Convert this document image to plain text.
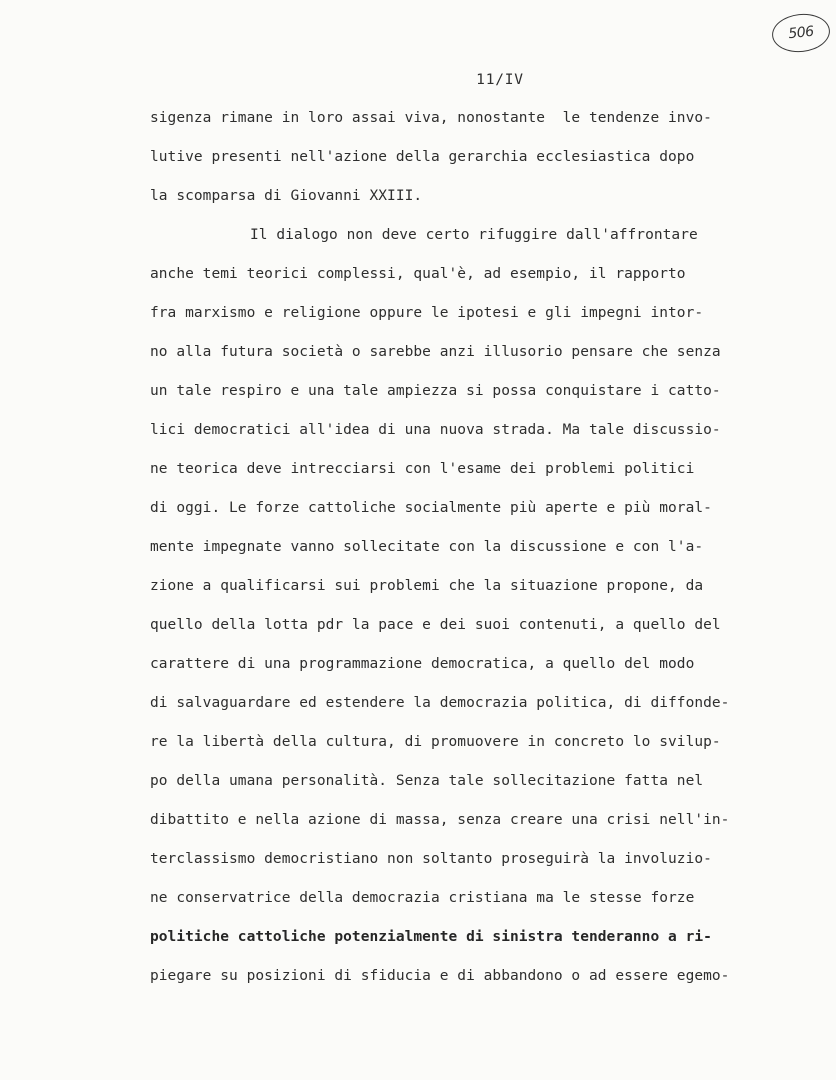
506
11/IV
sigenza rimane in loro assai viva, nonostante  le tendenze invo-
lutive presenti nell'azione della gerarchia ecclesiastica dopo
la scomparsa di Giovanni XXIII.
Il dialogo non deve certo rifuggire dall'affrontare
anche temi teorici complessi, qual'è, ad esempio, il rapporto
fra marxismo e religione oppure le ipotesi e gli impegni intor-
no alla futura società o sarebbe anzi illusorio pensare che senza
un tale respiro e una tale ampiezza si possa conquistare i catto-
lici democratici all'idea di una nuova strada. Ma tale discussio-
ne teorica deve intrecciarsi con l'esame dei problemi politici
di oggi. Le forze cattoliche socialmente più aperte e più moral-
mente impegnate vanno sollecitate con la discussione e con l'a-
zione a qualificarsi sui problemi che la situazione propone, da
quello della lotta pdr la pace e dei suoi contenuti, a quello del
carattere di una programmazione democratica, a quello del modo
di salvaguardare ed estendere la democrazia politica, di diffonde-
re la libertà della cultura, di promuovere in concreto lo svilup-
po della umana personalità. Senza tale sollecitazione fatta nel
dibattito e nella azione di massa, senza creare una crisi nell'in-
terclassismo democristiano non soltanto proseguirà la involuzio-
ne conservatrice della democrazia cristiana ma le stesse forze
politiche cattoliche potenzialmente di sinistra tenderanno a ri-
piegare su posizioni di sfiducia e di abbandono o ad essere egemo-
